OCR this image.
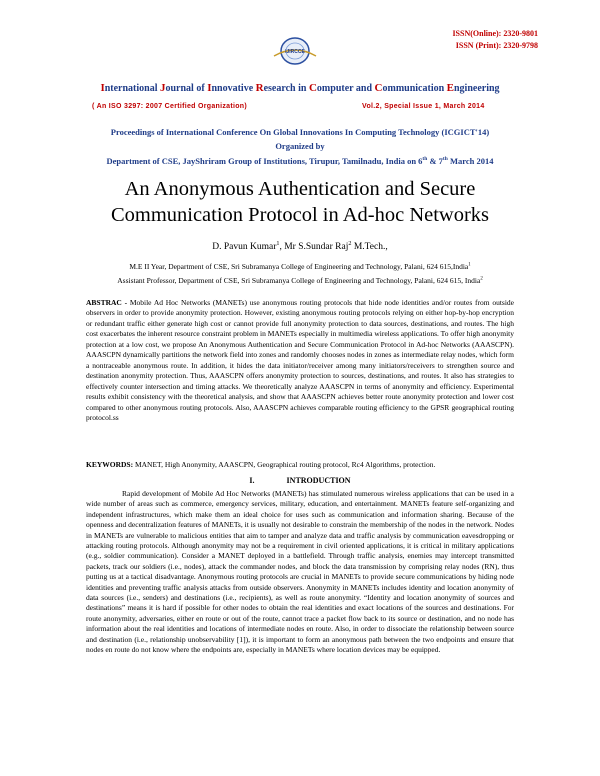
IJIRCCE
ISSN(Online): 2320-9801
ISSN (Print): 2320-9798
International Journal of Innovative Research in Computer and Communication Engineering
( An ISO 3297: 2007 Certified Organization)	Vol.2, Special Issue 1, March 2014
Proceedings of International Conference On Global Innovations In Computing Technology (ICGICT'14)
Organized by
Department of CSE, JayShriram Group of Institutions, Tirupur, Tamilnadu, India on 6th & 7th March 2014
An Anonymous Authentication and Secure
Communication Protocol in Ad-hoc Networks
D. Pavun Kumar$^1$, Mr S.Sundar Raj$^2$ M.Tech.,
M.E II Year, Department of CSE, Sri Subramanya College of Engineering and Technology, Palani, 624 615,India$^1$
Assistant Professor, Department of CSE, Sri Subramanya College of Engineering and Technology, Palani, 624 615, India$^2$
ABSTRAC - Mobile Ad Hoc Networks (MANETs) use anonymous routing protocols that hide node identities and/or routes from outside observers in order to provide anonymity protection. However, existing anonymous routing protocols relying on either hop-by-hop encryption or redundant traffic either generate high cost or cannot provide full anonymity protection to data sources, destinations, and routes. The high cost exacerbates the inherent resource constraint problem in MANETs especially in multimedia wireless applications. To offer high anonymity protection at a low cost, we propose An Anonymous Authentication and Secure Communication Protocol in Ad-hoc Networks (AAASCPN). AAASCPN dynamically partitions the network field into zones and randomly chooses nodes in zones as intermediate relay nodes, which form a nontraceable anonymous route. In addition, it hides the data initiator/receiver among many initiators/receivers to strengthen source and destination anonymity protection. Thus, AAASCPN offers anonymity protection to sources, destinations, and routes. It also has strategies to effectively counter intersection and timing attacks. We theoretically analyze AAASCPN in terms of anonymity and efficiency. Experimental results exhibit consistency with the theoretical analysis, and show that AAASCPN achieves better route anonymity protection and lower cost compared to other anonymous routing protocols. Also, AAASCPN achieves comparable routing efficiency to the GPSR geographical routing protocol.ss
KEYWORDS: MANET, High Anonymity, AAASCPN, Geographical routing protocol, Rc4 Algorithms, protection.
I.	INTRODUCTION
Rapid development of Mobile Ad Hoc Networks (MANETs) has stimulated numerous wireless applications that can be used in a wide number of areas such as commerce, emergency services, military, education, and entertainment. MANETs feature self-organizing and independent infrastructures, which make them an ideal choice for uses such as communication and information sharing. Because of the openness and decentralization features of MANETs, it is usually not desirable to constrain the membership of the nodes in the network. Nodes in MANETs are vulnerable to malicious entities that aim to tamper and analyze data and traffic analysis by communication eavesdropping or attacking routing protocols. Although anonymity may not be a requirement in civil oriented applications, it is critical in military applications (e.g., soldier communication). Consider a MANET deployed in a battlefield. Through traffic analysis, enemies may intercept transmitted packets, track our soldiers (i.e., nodes), attack the commander nodes, and block the data transmission by comprising relay nodes (RN), thus putting us at a tactical disadvantage. Anonymous routing protocols are crucial in MANETs to provide secure communications by hiding node identities and preventing traffic analysis attacks from outside observers. Anonymity in MANETs includes identity and location anonymity of data sources (i.e., senders) and destinations (i.e., recipients), as well as route anonymity. “Identity and location anonymity of sources and destinations” means it is hard if possible for other nodes to obtain the real identities and exact locations of the sources and destinations. For route anonymity, adversaries, either en route or out of the route, cannot trace a packet flow back to its source or destination, and no node has information about the real identities and locations of intermediate nodes en route. Also, in order to dissociate the relationship between source and destination (i.e., relationship unobservability [1]), it is important to form an anonymous path between the two endpoints and ensure that nodes en route do not know where the endpoints are, especially in MANETs where location devices may be equipped.
